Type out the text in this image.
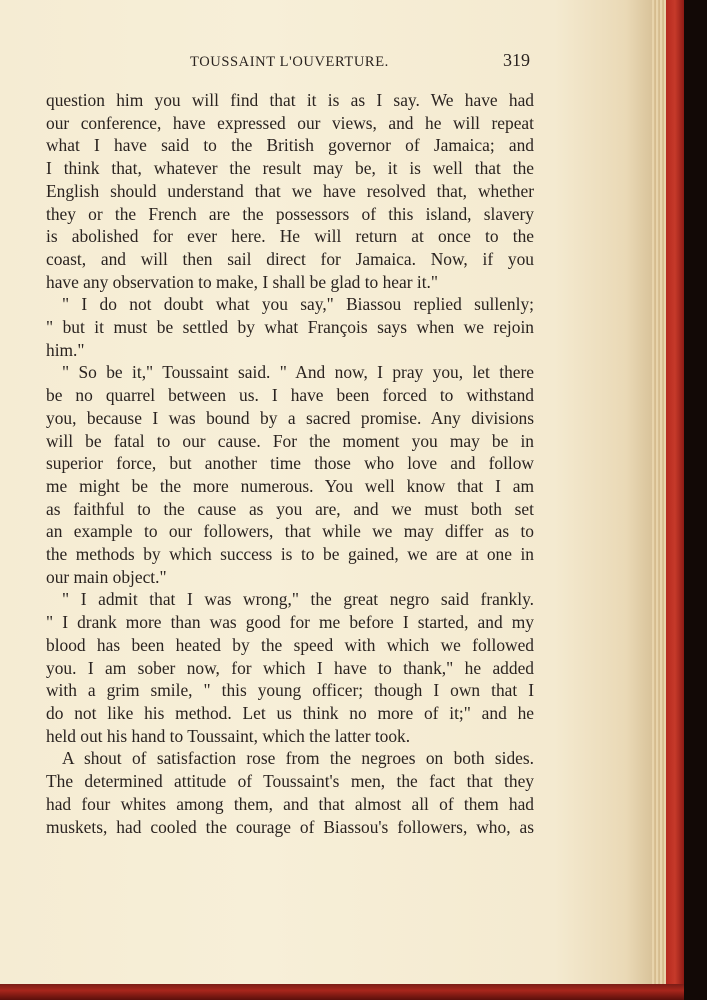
TOUSSAINT L'OUVERTURE.	319
question him you will find that it is as I say. We have had
our conference, have expressed our views, and he will repeat
what I have said to the British governor of Jamaica; and
I think that, whatever the result may be, it is well that the
English should understand that we have resolved that, whether
they or the French are the possessors of this island, slavery
is abolished for ever here. He will return at once to the
coast, and will then sail direct for Jamaica. Now, if you
have any observation to make, I shall be glad to hear it."
" I do not doubt what you say," Biassou replied sullenly;
" but it must be settled by what François says when we rejoin
him."
" So be it," Toussaint said. " And now, I pray you, let there
be no quarrel between us. I have been forced to withstand
you, because I was bound by a sacred promise. Any divisions
will be fatal to our cause. For the moment you may be in
superior force, but another time those who love and follow
me might be the more numerous. You well know that I am
as faithful to the cause as you are, and we must both set
an example to our followers, that while we may differ as to
the methods by which success is to be gained, we are at one in
our main object."
" I admit that I was wrong," the great negro said frankly.
" I drank more than was good for me before I started, and my
blood has been heated by the speed with which we followed
you. I am sober now, for which I have to thank," he added
with a grim smile, " this young officer; though I own that I
do not like his method. Let us think no more of it;" and he
held out his hand to Toussaint, which the latter took.
A shout of satisfaction rose from the negroes on both sides.
The determined attitude of Toussaint's men, the fact that they
had four whites among them, and that almost all of them had
muskets, had cooled the courage of Biassou's followers, who, as
